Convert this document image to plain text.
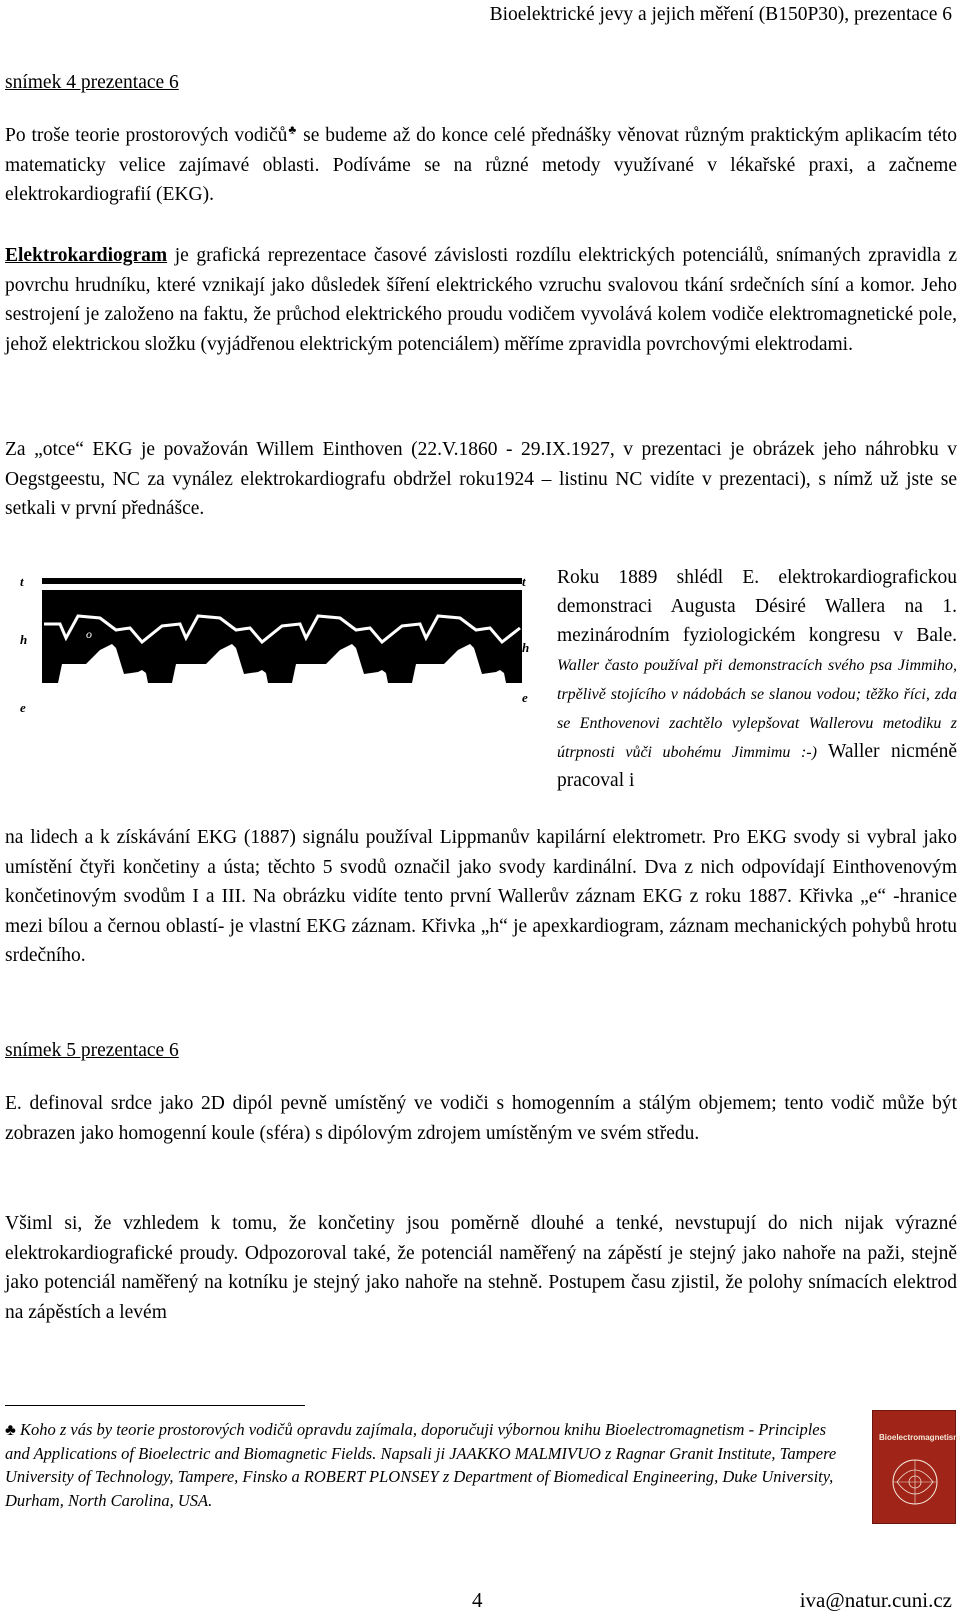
Bioelektrické jevy a jejich měření (B150P30), prezentace 6
snímek 4 prezentace 6

Po troše teorie prostorových vodičů♣ se budeme až do konce celé přednášky věnovat různým praktickým aplikacím této matematicky velice zajímavé oblasti. Podíváme se na různé metody využívané v lékařské praxi, a začneme elektrokardiografií (EKG).

Elektrokardiogram je grafická reprezentace časové závislosti rozdílu elektrických potenciálů, snímaných zpravidla z povrchu hrudníku, které vznikají jako důsledek šíření elektrického vzruchu svalovou tkání srdečních síní a komor. Jeho sestrojení je založeno na faktu, že průchod elektrického proudu vodičem vyvolává kolem vodiče elektromagnetické pole, jehož elektrickou složku (vyjádřenou elektrickým potenciálem) měříme zpravidla povrchovými elektrodami.

Za „otce“ EKG je považován Willem Einthoven (22.V.1860 - 29.IX.1927, v prezentaci je obrázek jeho náhrobku v Oegstgeestu, NC za vynález elektrokardiografu obdržel roku1924 – listinu NC vidíte v prezentaci), s nímž už jste se setkali v první přednášce.

t
h
e
o
t
h
e

Roku 1889 shlédl E. elektrokardiografickou demonstraci Augusta Désiré Wallera na 1. mezinárodním fyziologickém kongresu v Bale. Waller často používal při demonstracích svého psa Jimmiho, trpělivě stojícího v nádobách se slanou vodou; těžko říci, zda se Enthovenovi zachtělo vylepšovat Wallerovu metodiku z útrpnosti vůči ubohému Jimmimu :-) Waller nicméně pracoval i

na lidech a k získávání EKG (1887) signálu používal Lippmanův kapilární elektrometr. Pro EKG svody si vybral jako umístění čtyři končetiny a ústa; těchto 5 svodů označil jako svody kardinální. Dva z nich odpovídají Einthovenovým končetinovým svodům I a III. Na obrázku vidíte tento první Wallerův záznam EKG z roku 1887. Křivka „e“ -hranice mezi bílou a černou oblastí- je vlastní EKG záznam. Křivka „h“ je apexkardiogram, záznam mechanických pohybů hrotu srdečního.

snímek 5 prezentace 6

E. definoval srdce jako 2D dipól pevně umístěný ve vodiči s homogenním a stálým objemem; tento vodič může být zobrazen jako homogenní koule (sféra) s dipólovým zdrojem umístěným ve svém středu.

Všiml si, že vzhledem k tomu, že končetiny jsou poměrně dlouhé a tenké, nevstupují do nich nijak výrazné elektrokardiografické proudy. Odpozoroval také, že potenciál naměřený na zápěstí je stejný jako nahoře na paži, stejně jako potenciál naměřený na kotníku je stejný jako nahoře na stehně. Postupem času zjistil, že polohy snímacích elektrod na zápěstích a levém

♣ Koho z vás by teorie prostorových vodičů opravdu zajímala, doporučuji výbornou knihu Bioelectromagnetism - Principles and Applications of Bioelectric and Biomagnetic Fields. Napsali ji JAAKKO MALMIVUO z Ragnar Granit Institute, Tampere University of Technology, Tampere, Finsko a ROBERT PLONSEY z Department of Biomedical Engineering, Duke University, Durham, North Carolina, USA.

Bioelectromagnetism
4	iva@natur.cuni.cz
